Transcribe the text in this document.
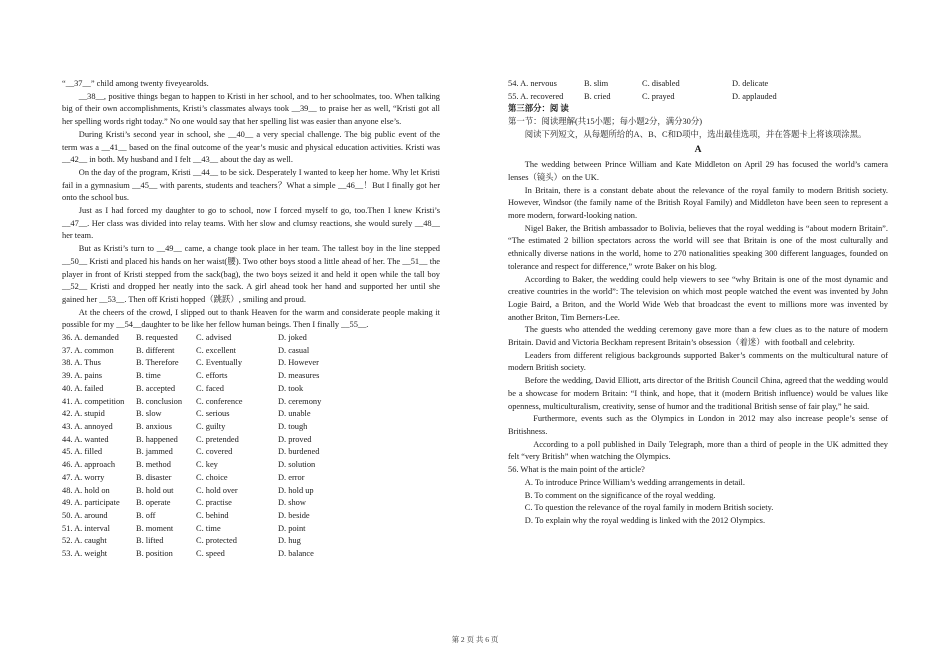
“__37__” child among twenty fiveyearolds.

__38__, positive things began to happen to Kristi in her school, and to her schoolmates, too. When talking big of their own accomplishments, Kristi’s classmates always took __39__ to praise her as well, “Kristi got all her spelling words right today.” No one would say that her spelling list was easier than anyone else’s.

During Kristi’s second year in school, she __40__ a very special challenge. The big public event of the term was a __41__ based on the final outcome of the year’s music and physical education activities. Kristi was __42__ in both. My husband and I felt __43__ about the day as well.

On the day of the program, Kristi __44__ to be sick. Desperately I wanted to keep her home. Why let Kristi fail in a gymnasium __45__ with parents, students and teachers？What a simple __46__！But I finally got her onto the school bus.

Just as I had forced my daughter to go to school, now I forced myself to go, too.Then I knew Kristi’s __47__. Her class was divided into relay teams. With her slow and clumsy reactions, she would surely __48__ her team.

But as Kristi’s turn to __49__ came, a change took place in her team. The tallest boy in the line stepped __50__ Kristi and placed his hands on her waist(腰). Two other boys stood a little ahead of her. The __51__ the player in front of Kristi stepped from the sack(bag), the two boys seized it and held it open while the tall boy __52__ Kristi and dropped her neatly into the sack. A girl ahead took her hand and supported her until she gained her __53__. Then off Kristi hopped（跳跃）, smiling and proud.

At the cheers of the crowd, I slipped out to thank Heaven for the warm and considerate people making it possible for my __54__daughter to be like her fellow human beings. Then I finally __55__.

36. A. demanded	B. requested	C. advised	D. joked
37. A. common	B. different	C. excellent	D. casual
38. A. Thus	B. Therefore	C. Eventually	D. However
39. A. pains	B. time	C. efforts	D. measures
40. A. failed	B. accepted	C. faced	D. took
41. A. competition	B. conclusion	C. conference	D. ceremony
42. A. stupid	B. slow	C. serious	D. unable
43. A. annoyed	B. anxious	C. guilty	D. tough
44. A. wanted	B. happened	C. pretended	D. proved
45. A. filled	B. jammed	C. covered	D. burdened
46. A. approach	B. method	C. key	D. solution
47. A. worry	B. disaster	C. choice	D. error
48. A. hold on	B. hold out	C. hold over	D. hold up
49. A. participate	B. operate	C. practise	D. show
50. A. around	B. off	C. behind	D. beside
51. A. interval	B. moment	C. time	D. point
52. A. caught	B. lifted	C. protected	D. hug
53. A. weight	B. position	C. speed	D. balance
54. A. nervous	B. slim	C. disabled	D. delicate
55. A. recovered	B. cried	C. prayed	D. applauded

第三部分：阅 读

第一节：阅读理解(共15小题；每小题2分，满分30分)

阅读下列短文，从每题所给的A、B、C和D项中，选出最佳选项，并在答题卡上将该项涂黑。

A

The wedding between Prince William and Kate Middleton on April 29 has focused the world’s camera lenses（镜头）on the UK.

In Britain, there is a constant debate about the relevance of the royal family to modern British society. However, Windsor (the family name of the British Royal Family) and Middleton have been seen to represent a more modern, forward-looking nation.

Nigel Baker, the British ambassador to Bolivia, believes that the royal wedding is “about modern Britain”. “The estimated 2 billion spectators across the world will see that Britain is one of the most culturally and ethnically diverse nations in the world, home to 270 nationalities speaking 300 different languages, founded on tolerance and respect for difference,” wrote Baker on his blog.

According to Baker, the wedding could help viewers to see “why Britain is one of the most dynamic and creative countries in the world”: The television on which most people watched the event was invented by John Logie Baird, a Briton, and the World Wide Web that broadcast the event to millions more was invented by another Briton, Tim Berners-Lee.

The guests who attended the wedding ceremony gave more than a few clues as to the nature of modern Britain. David and Victoria Beckham represent Britain’s obsession（着迷）with football and celebrity.

Leaders from different religious backgrounds supported Baker’s comments on the multicultural nature of modern British society.

Before the wedding, David Elliott, arts director of the British Council China, agreed that the wedding would be a showcase for modern Britain: “I think, and hope, that it (modern British influence) would be values like openness, multiculturalism, creativity, sense of humor and the traditional British sense of fair play,” he said.

Furthermore, events such as the Olympics in London in 2012 may also increase people’s sense of Britishness.

According to a poll published in Daily Telegraph, more than a third of people in the UK admitted they felt “very British” when watching the Olympics.

56. What is the main point of the article?

A. To introduce Prince William’s wedding arrangements in detail.

B. To comment on the significance of the royal wedding.

C. To question the relevance of the royal family in modern British society.

D. To explain why the royal wedding is linked with the 2012 Olympics.

第 2 页 共 6 页
